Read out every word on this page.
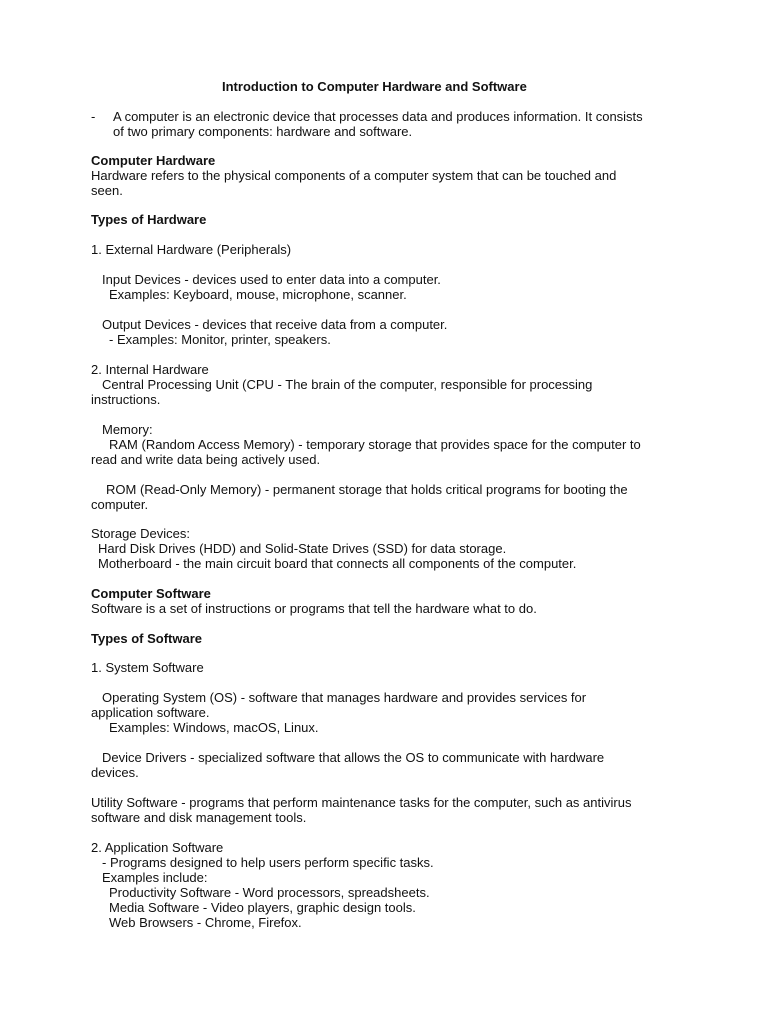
Introduction to Computer Hardware and Software
- A computer is an electronic device that processes data and produces information. It consists
of two primary components: hardware and software.
Computer Hardware
Hardware refers to the physical components of a computer system that can be touched and
seen.
Types of Hardware
1. External Hardware (Peripherals)
Input Devices - devices used to enter data into a computer.
Examples: Keyboard, mouse, microphone, scanner.
Output Devices - devices that receive data from a computer.
- Examples: Monitor, printer, speakers.
2. Internal Hardware
Central Processing Unit (CPU - The brain of the computer, responsible for processing
instructions.
Memory:
RAM (Random Access Memory) - temporary storage that provides space for the computer to
read and write data being actively used.
ROM (Read-Only Memory) - permanent storage that holds critical programs for booting the
computer.
Storage Devices:
Hard Disk Drives (HDD) and Solid-State Drives (SSD) for data storage.
Motherboard - the main circuit board that connects all components of the computer.
Computer Software
Software is a set of instructions or programs that tell the hardware what to do.
Types of Software
1. System Software
Operating System (OS) - software that manages hardware and provides services for
application software.
Examples: Windows, macOS, Linux.
Device Drivers - specialized software that allows the OS to communicate with hardware
devices.
Utility Software - programs that perform maintenance tasks for the computer, such as antivirus
software and disk management tools.
2. Application Software
- Programs designed to help users perform specific tasks.
Examples include:
Productivity Software - Word processors, spreadsheets.
Media Software - Video players, graphic design tools.
Web Browsers - Chrome, Firefox.
